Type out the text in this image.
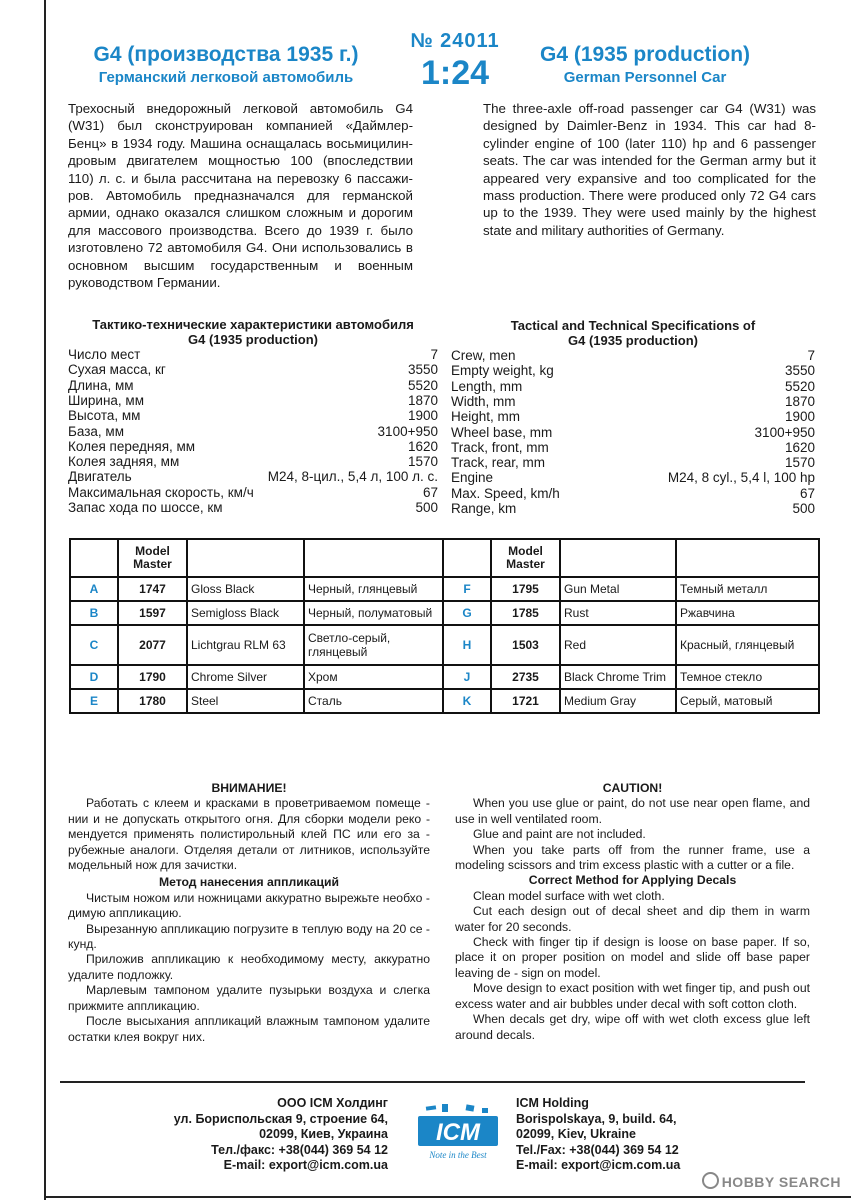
G4 (производства 1935 г.)
Германский легковой автомобиль
№ 24011
1:24	G4 (1935 production)
German Personnel Car
Трехосный внедорожный легковой автомобиль G4 (W31) был сконструирован компанией «Даймлер-Бенц» в 1934 году. Машина оснащалась восьмицилин-дровым двигателем мощностью 100 (впоследствии 110) л. с. и была рассчитана на перевозку 6 пассажи-ров. Автомобиль предназначался для германской армии, однако оказался слишком сложным и дорогим для массового производства. Всего до 1939 г. было изготовлено 72 автомобиля G4. Они использовались в основном высшим государственным и военным руководством Германии.
The three-axle off-road passenger car G4 (W31) was designed by Daimler-Benz in 1934. This car had 8-cylinder engine of 100 (later 110) hp and 6 passenger seats. The car was intended for the German army but it appeared very expansive and too complicated for the mass production. There were produced only 72 G4 cars up to the 1939. They were used mainly by the highest state and military authorities of Germany.
Тактико-технические характеристики автомобиля
G4 (1935 production)
Число мест	7
Сухая масса, кг	3550
Длина, мм	5520
Ширина, мм	1870
Высота, мм	1900
База, мм	3100+950
Колея передняя, мм	1620
Колея задняя, мм	1570
Двигатель	M24, 8-цил., 5,4 л, 100 л. с.
Максимальная скорость, км/ч	67
Запас хода по шоссе, км	500
Tactical and Technical Specifications of
G4 (1935 production)
Crew, men	7
Empty weight, kg	3550
Length, mm	5520
Width, mm	1870
Height, mm	1900
Wheel base, mm	3100+950
Track, front, mm	1620
Track, rear, mm	1570
Engine	M24, 8 cyl., 5,4 l, 100 hp
Max. Speed, km/h	67
Range, km	500
	Model Master				Model Master		
A	1747	Gloss Black	Черный, глянцевый	F	1795	Gun Metal	Темный металл
B	1597	Semigloss Black	Черный, полуматовый	G	1785	Rust	Ржавчина
C	2077	Lichtgrau RLM 63	Светло-серый, глянцевый	H	1503	Red	Красный, глянцевый
D	1790	Chrome Silver	Хром	J	2735	Black Chrome Trim	Темное стекло
E	1780	Steel	Сталь	K	1721	Medium Gray	Серый, матовый

ВНИМАНИЕ!

Работать с клеем и красками в проветриваемом помеще - нии и не допускать открытого огня. Для сборки модели реко - мендуется применять полистирольный клей ПС или его за - рубежные аналоги. Отделяя детали от литников, используйте модельный нож для зачистки.

Метод нанесения аппликаций

Чистым ножом или ножницами аккуратно вырежьте необхо - димую аппликацию.

Вырезанную аппликацию погрузите в теплую воду на 20 се - кунд.

Приложив аппликацию к необходимому месту, аккуратно удалите подложку.

Марлевым тампоном удалите пузырьки воздуха и слегка прижмите аппликацию.

После высыхания аппликаций влажным тампоном удалите остатки клея вокруг них.

CAUTION!

When you use glue or paint, do not use near open flame, and use in well ventilated room.

Glue and paint are not included.

When you take parts off from the runner frame, use a modeling scissors and trim excess plastic with a cutter or a file.

Correct Method for Applying Decals

Clean model surface with wet cloth.

Cut each design out of decal sheet and dip them in warm water for 20 seconds.

Check with finger tip if design is loose on base paper. If so, place it on proper position on model and slide off base paper leaving de - sign on model.

Move design to exact position with wet finger tip, and push out excess water and air bubbles under decal with soft cotton cloth.

When decals get dry, wipe off with wet cloth excess glue left around decals.

ООО ICM Холдинг
ул. Бориспольская 9, строение 64,
02099, Киев, Украина
Тел./факс: +38(044) 369 54 12
E-mail: export@icm.com.ua
ICM
Note in the Best
ICM Holding
Borispolskaya, 9, build. 64,
02099, Kiev, Ukraine
Tel./Fax: +38(044) 369 54 12
E-mail: export@icm.com.ua
HOBBY SEARCH
